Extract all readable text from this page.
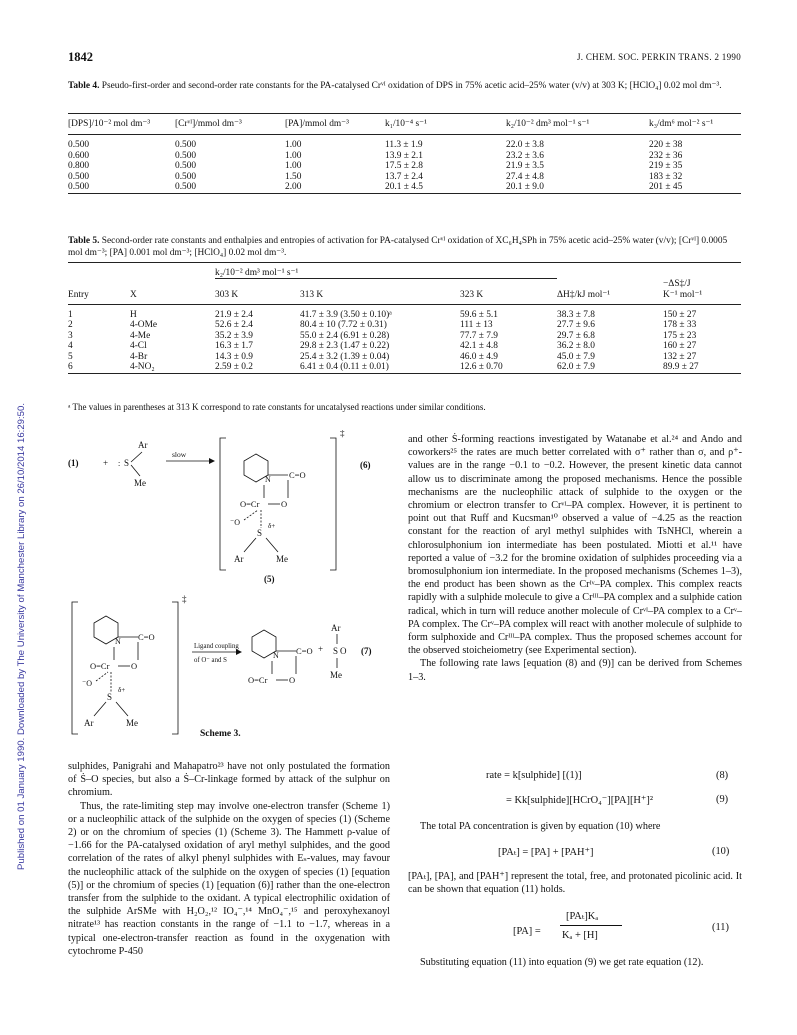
Published on 01 January 1990. Downloaded by The University of Manchester Library on 26/10/2014 16:29:50.
1842	J. CHEM. SOC. PERKIN TRANS. 2 1990
Table 4. Pseudo-first-order and second-order rate constants for the PA-catalysed Crᵛᴵ oxidation of DPS in 75% acetic acid–25% water (v/v) at 303 K; [HClO₄] 0.02 mol dm⁻³.
[DPS]/10⁻² mol dm⁻³	[Crᵛᴵ]/mmol dm⁻³	[PA]/mmol dm⁻³	k₁/10⁻⁴ s⁻¹	k₂/10⁻² dm³ mol⁻¹ s⁻¹	k₃/dm⁶ mol⁻² s⁻¹
0.500	0.500	1.00	11.3 ± 1.9	22.0 ± 3.8	220 ± 38
0.600	0.500	1.00	13.9 ± 2.1	23.2 ± 3.6	232 ± 36
0.800	0.500	1.00	17.5 ± 2.8	21.9 ± 3.5	219 ± 35
0.500	0.500	1.50	13.7 ± 2.4	27.4 ± 4.8	183 ± 32
0.500	0.500	2.00	20.1 ± 4.5	20.1 ± 9.0	201 ± 45

Table 5. Second-order rate constants and enthalpies and entropies of activation for PA-catalysed Crᵛᴵ oxidation of XC₆H₄SPh in 75% acetic acid–25% water (v/v); [Crᵛᴵ] 0.0005 mol dm⁻³; [PA] 0.001 mol dm⁻³; [HClO₄] 0.02 mol dm⁻³.
		k₂/10⁻² dm³ mol⁻¹ s⁻¹				
Entry	X	303 K	313 K	323 K	ΔH‡/kJ mol⁻¹	−ΔS‡/J
K⁻¹ mol⁻¹

1	H	21.9 ± 2.4	41.7 ± 3.9 (3.50 ± 0.10)ᵃ	59.6 ± 5.1	38.3 ± 7.8	150 ± 27
2	4-OMe	52.6 ± 2.4	80.4 ± 10 (7.72 ± 0.31)	111 ± 13	27.7 ± 9.6	178 ± 33
3	4-Me	35.2 ± 3.9	55.0 ± 2.4 (6.91 ± 0.28)	77.7 ± 7.9	29.7 ± 6.8	175 ± 23
4	4-Cl	16.3 ± 1.7	29.8 ± 2.3 (1.47 ± 0.22)	42.1 ± 4.8	36.2 ± 8.0	160 ± 27
5	4-Br	14.3 ± 0.9	25.4 ± 3.2 (1.39 ± 0.04)	46.0 ± 4.9	45.0 ± 7.9	132 ± 27
6	4-NO₂	2.59 ± 0.2	6.41 ± 0.4 (0.11 ± 0.01)	12.6 ± 0.70	62.0 ± 7.9	89.9 ± 27

ᵃ The values in parentheses at 313 K correspond to rate constants for uncatalysed reactions under similar conditions.
(1)	+ S
:
Ar
Me
slow
‡
(6)
N C=O
O=Cr	O
⁻O
S
δ+
Ar	Me
(5)
‡
N C=O
O=Cr	O
⁻O
S
δ+
Ar	Me
Ligand coupling
of O⁻ and S
N C=O
O=Cr	O
+ S O
Ar
Me
(7)
Scheme 3.

sulphides, Panigrahi and Mahapatro²³ have not only postulated the formation of Ṡ–O species, but also a Ṡ–Cr-linkage formed by attack of the sulphur on chromium.

Thus, the rate-limiting step may involve one-electron transfer (Scheme 1) or a nucleophilic attack of the sulphide on the oxygen of species (1) (Scheme 2) or on the chromium of species (1) (Scheme 3). The Hammett ρ-value of −1.66 for the PA-catalysed oxidation of aryl methyl sulphides, and the good correlation of the rates of alkyl phenyl sulphides with Eₛ-values, may favour the nucleophilic attack of the sulphide on the oxygen of species (1) [equation (5)] or the chromium of species (1) [equation (6)] rather than the one-electron transfer from the sulphide to the oxidant. A typical electrophilic oxidation of the sulphide ArSMe with H₂O₂,¹² IO₄⁻,¹⁴ MnO₄⁻,¹⁵ and peroxyhexanoyl nitrate¹³ has reaction constants in the range of −1.1 to −1.7, whereas in a typical one-electron-transfer reaction as found in the oxygenation with cytochrome P-450

and other Ṡ-forming reactions investigated by Watanabe et al.²⁴ and Ando and coworkers²⁵ the rates are much better correlated with σ⁺ rather than σ, and ρ⁺-values are in the range −0.1 to −0.2. However, the present kinetic data cannot allow us to discriminate among the proposed mechanisms. Hence the possible mechanisms are the nucleophilic attack of sulphide to the oxygen or the chromium or electron transfer to Crᵛᴵ–PA complex. However, it is pertinent to point out that Ruff and Kucsman¹⁰ observed a value of −4.25 as the reaction constant for the reaction of aryl methyl sulphides with TsNHCl, wherein a chlorosulphonium ion intermediate has been postulated. Miotti et al.¹¹ have reported a value of −3.2 for the bromine oxidation of sulphides proceeding via a bromosulphonium ion intermediate. In the proposed mechanisms (Schemes 1–3), the end product has been shown as the Crᴵᵛ–PA complex. This complex reacts rapidly with a sulphide molecule to give a Crᴵᴵᴵ–PA complex and a sulphide cation radical, which in turn will reduce another molecule of Crᵛᴵ–PA complex to a Crᵛ–PA complex. The Crᵛ–PA complex will react with another molecule of sulphide to form sulphoxide and Crᴵᴵᴵ–PA complex. Thus the proposed schemes account for the observed stoicheiometry (see Experimental section).

The following rate laws [equation (8) and (9)] can be derived from Schemes 1–3.

rate = k[sulphide] [(1)]	(8)
= Kk[sulphide][HCrO₄⁻][PA][H⁺]²	(9)
The total PA concentration is given by equation (10) where
[PAₜ] = [PA] + [PAH⁺]	(10)
[PAₜ], [PA], and [PAH⁺] represent the total, free, and protonated picolinic acid. It can be shown that equation (11) holds.
[PA] =
[PAₜ]Kₐ
Kₐ + [H]
(11)
Substituting equation (11) into equation (9) we get rate equation (12).
